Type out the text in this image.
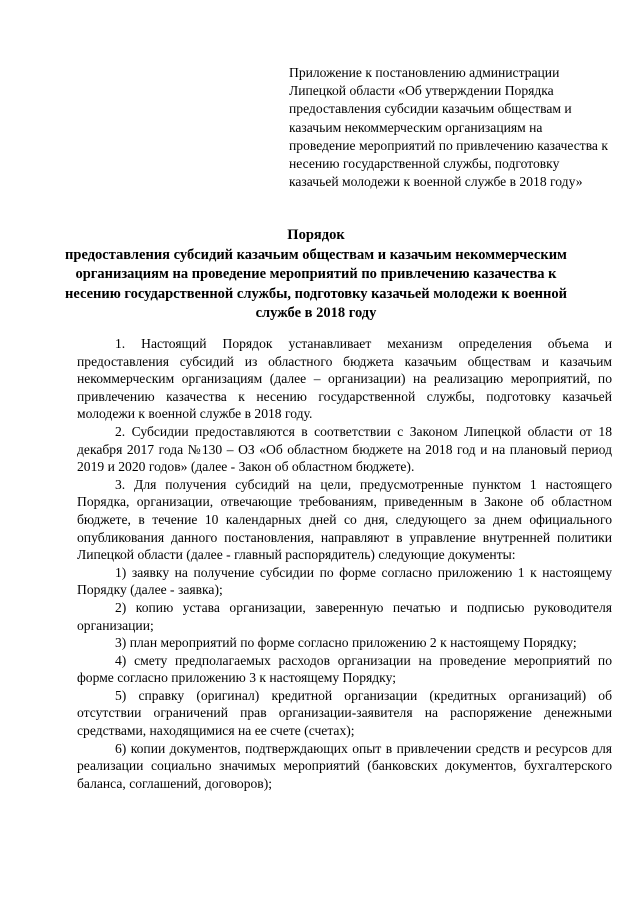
Приложение к постановлению администрации Липецкой области «Об утверждении Порядка предоставления субсидии казачьим обществам и казачьим некоммерческим организациям на проведение мероприятий по привлечению казачества к несению государственной службы, подготовку казачьей молодежи к военной службе в 2018 году»
Порядок
предоставления субсидий казачьим обществам и казачьим некоммерческим организациям на проведение мероприятий по привлечению казачества к несению государственной службы, подготовку казачьей молодежи к военной службе в 2018 году

1. Настоящий Порядок устанавливает механизм определения объема и предоставления субсидий из областного бюджета казачьим обществам и казачьим некоммерческим организациям (далее – организации) на реализацию мероприятий, по привлечению казачества к несению государственной службы, подготовку казачьей молодежи к военной службе в 2018 году.

2. Субсидии предоставляются в соответствии с Законом Липецкой области от 18 декабря 2017 года №130 – ОЗ «Об областном бюджете на 2018 год и на плановый период 2019 и 2020 годов» (далее - Закон об областном бюджете).

3. Для получения субсидий на цели, предусмотренные пунктом 1 настоящего Порядка, организации, отвечающие требованиям, приведенным в Законе об областном бюджете, в течение 10 календарных дней со дня, следующего за днем официального опубликования данного постановления, направляют в управление внутренней политики Липецкой области (далее - главный распорядитель) следующие документы:

1) заявку на получение субсидии по форме согласно приложению 1 к настоящему Порядку (далее - заявка);

2) копию устава организации, заверенную печатью и подписью руководителя организации;

3) план мероприятий по форме согласно приложению 2 к настоящему Порядку;

4) смету предполагаемых расходов организации на проведение мероприятий по форме согласно приложению 3 к настоящему Порядку;

5) справку (оригинал) кредитной организации (кредитных организаций) об отсутствии ограничений прав организации-заявителя на распоряжение денежными средствами, находящимися на ее счете (счетах);

6) копии документов, подтверждающих опыт в привлечении средств и ресурсов для реализации социально значимых мероприятий (банковских документов, бухгалтерского баланса, соглашений, договоров);
